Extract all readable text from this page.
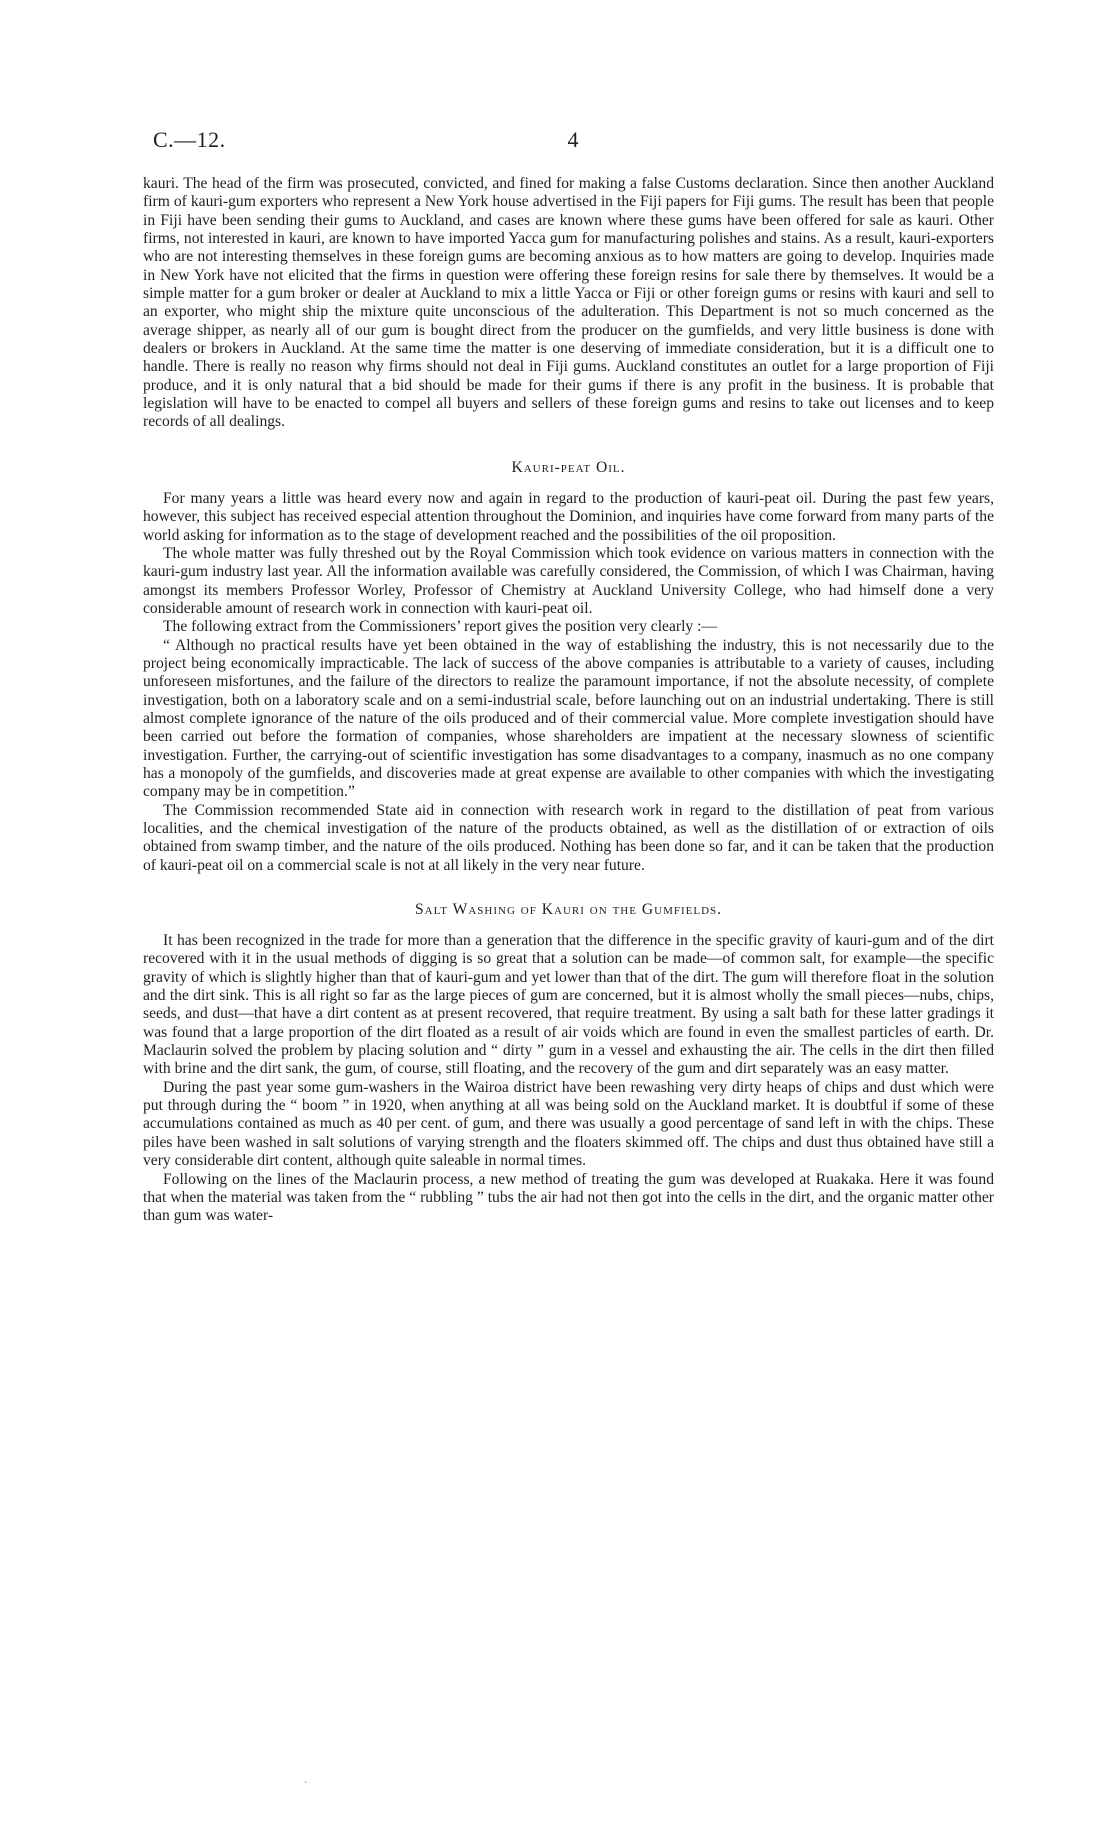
C.—12.	4

kauri. The head of the firm was prosecuted, convicted, and fined for making a false Customs declaration. Since then another Auckland firm of kauri-gum exporters who represent a New York house advertised in the Fiji papers for Fiji gums. The result has been that people in Fiji have been sending their gums to Auckland, and cases are known where these gums have been offered for sale as kauri. Other firms, not interested in kauri, are known to have imported Yacca gum for manufacturing polishes and stains. As a result, kauri-exporters who are not interesting themselves in these foreign gums are becoming anxious as to how matters are going to develop. Inquiries made in New York have not elicited that the firms in question were offering these foreign resins for sale there by themselves. It would be a simple matter for a gum broker or dealer at Auckland to mix a little Yacca or Fiji or other foreign gums or resins with kauri and sell to an exporter, who might ship the mixture quite unconscious of the adulteration. This Department is not so much concerned as the average shipper, as nearly all of our gum is bought direct from the producer on the gumfields, and very little business is done with dealers or brokers in Auckland. At the same time the matter is one deserving of immediate consideration, but it is a difficult one to handle. There is really no reason why firms should not deal in Fiji gums. Auckland constitutes an outlet for a large proportion of Fiji produce, and it is only natural that a bid should be made for their gums if there is any profit in the business. It is probable that legislation will have to be enacted to compel all buyers and sellers of these foreign gums and resins to take out licenses and to keep records of all dealings.

Kauri-peat Oil.

For many years a little was heard every now and again in regard to the production of kauri-peat oil. During the past few years, however, this subject has received especial attention throughout the Dominion, and inquiries have come forward from many parts of the world asking for information as to the stage of development reached and the possibilities of the oil proposition.

The whole matter was fully threshed out by the Royal Commission which took evidence on various matters in connection with the kauri-gum industry last year. All the information available was carefully considered, the Commission, of which I was Chairman, having amongst its members Professor Worley, Professor of Chemistry at Auckland University College, who had himself done a very considerable amount of research work in connection with kauri-peat oil.

The following extract from the Commissioners’ report gives the position very clearly :—

“ Although no practical results have yet been obtained in the way of establishing the industry, this is not necessarily due to the project being economically impracticable. The lack of success of the above companies is attributable to a variety of causes, including unforeseen misfortunes, and the failure of the directors to realize the paramount importance, if not the absolute necessity, of complete investigation, both on a laboratory scale and on a semi-industrial scale, before launching out on an industrial undertaking. There is still almost complete ignorance of the nature of the oils produced and of their commercial value. More complete investigation should have been carried out before the formation of companies, whose shareholders are impatient at the necessary slowness of scientific investigation. Further, the carrying-out of scientific investigation has some disadvantages to a company, inasmuch as no one company has a monopoly of the gumfields, and discoveries made at great expense are available to other companies with which the investigating company may be in competition.”

The Commission recommended State aid in connection with research work in regard to the distillation of peat from various localities, and the chemical investigation of the nature of the products obtained, as well as the distillation of or extraction of oils obtained from swamp timber, and the nature of the oils produced. Nothing has been done so far, and it can be taken that the production of kauri-peat oil on a commercial scale is not at all likely in the very near future.

Salt Washing of Kauri on the Gumfields.

It has been recognized in the trade for more than a generation that the difference in the specific gravity of kauri-gum and of the dirt recovered with it in the usual methods of digging is so great that a solution can be made—of common salt, for example—the specific gravity of which is slightly higher than that of kauri-gum and yet lower than that of the dirt. The gum will therefore float in the solution and the dirt sink. This is all right so far as the large pieces of gum are concerned, but it is almost wholly the small pieces—nubs, chips, seeds, and dust—that have a dirt content as at present recovered, that require treatment. By using a salt bath for these latter gradings it was found that a large proportion of the dirt floated as a result of air voids which are found in even the smallest particles of earth. Dr. Maclaurin solved the problem by placing solution and “ dirty ” gum in a vessel and exhausting the air. The cells in the dirt then filled with brine and the dirt sank, the gum, of course, still floating, and the recovery of the gum and dirt separately was an easy matter.

During the past year some gum-washers in the Wairoa district have been rewashing very dirty heaps of chips and dust which were put through during the “ boom ” in 1920, when anything at all was being sold on the Auckland market. It is doubtful if some of these accumulations contained as much as 40 per cent. of gum, and there was usually a good percentage of sand left in with the chips. These piles have been washed in salt solutions of varying strength and the floaters skimmed off. The chips and dust thus obtained have still a very considerable dirt content, although quite saleable in normal times.

Following on the lines of the Maclaurin process, a new method of treating the gum was developed at Ruakaka. Here it was found that when the material was taken from the “ rubbling ” tubs the air had not then got into the cells in the dirt, and the organic matter other than gum was water-

`
